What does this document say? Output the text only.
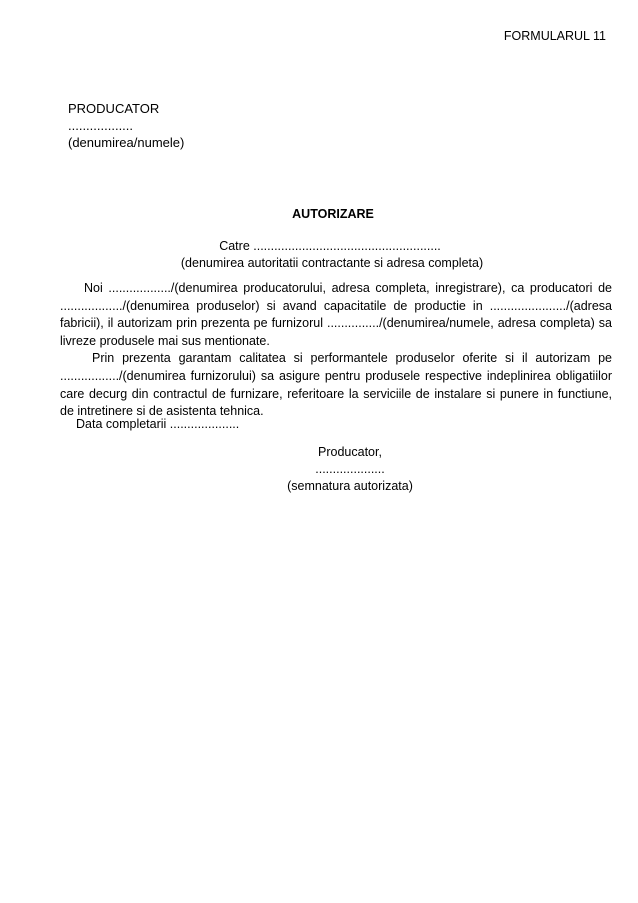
FORMULARUL 11
PRODUCATOR
..................
(denumirea/numele)
AUTORIZARE
Catre ......................................................
(denumirea autoritatii contractante si adresa completa)

Noi ................../(denumirea producatorului, adresa completa, inregistrare), ca producatori de ................../(denumirea produselor) si avand capacitatile de productie in ....................../(adresa fabricii), il autorizam prin prezenta pe furnizorul .............../(denumirea/numele, adresa completa) sa livreze produsele mai sus mentionate.

Prin prezenta garantam calitatea si performantele produselor oferite si il autorizam pe ................./(denumirea furnizorului) sa asigure pentru produsele respective indeplinirea obligatiilor care decurg din contractul de furnizare, referitoare la serviciile de instalare si punere in functiune, de intretinere si de asistenta tehnica.

Data completarii ....................
Producator,
....................
(semnatura autorizata)
